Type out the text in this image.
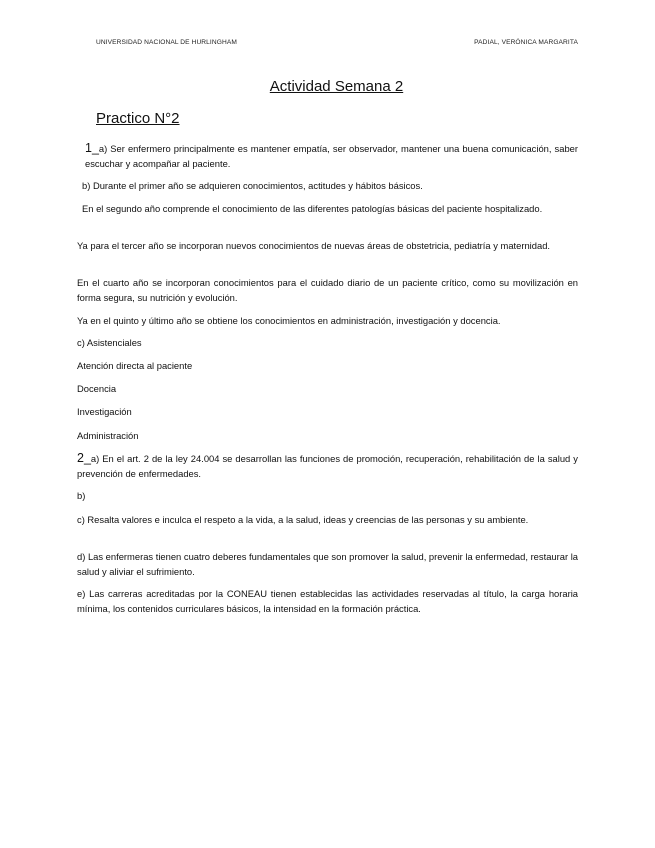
UNIVERSIDAD NACIONAL DE HURLINGHAM	PADIAL, VERÓNICA MARGARITA
Actividad Semana 2
Practico N°2
1_a) Ser enfermero principalmente es mantener empatía, ser observador, mantener una buena comunicación, saber escuchar y acompañar al paciente.
b) Durante el primer año se adquieren conocimientos, actitudes y hábitos básicos.
En el segundo año comprende el conocimiento de las diferentes patologías básicas del paciente hospitalizado.
Ya para el tercer año se incorporan nuevos conocimientos de nuevas áreas de obstetricia, pediatría y maternidad.
En el cuarto año se incorporan conocimientos para el cuidado diario de un paciente crítico, como su movilización en forma segura, su nutrición y evolución.
Ya en el quinto y último año se obtiene los conocimientos en administración, investigación y docencia.
c) Asistenciales
Atención directa al paciente
Docencia
Investigación
Administración
2_a) En el art. 2 de la ley 24.004 se desarrollan las funciones de promoción, recuperación, rehabilitación de la salud y prevención de enfermedades.
b)
c) Resalta valores e inculca el respeto a la vida, a la salud, ideas y creencias de las personas y su ambiente.
d) Las enfermeras tienen cuatro deberes fundamentales que son promover la salud, prevenir la enfermedad, restaurar la salud y aliviar el sufrimiento.
e) Las carreras acreditadas por la CONEAU tienen establecidas las actividades reservadas al título, la carga horaria mínima, los contenidos curriculares básicos, la intensidad en la formación práctica.
